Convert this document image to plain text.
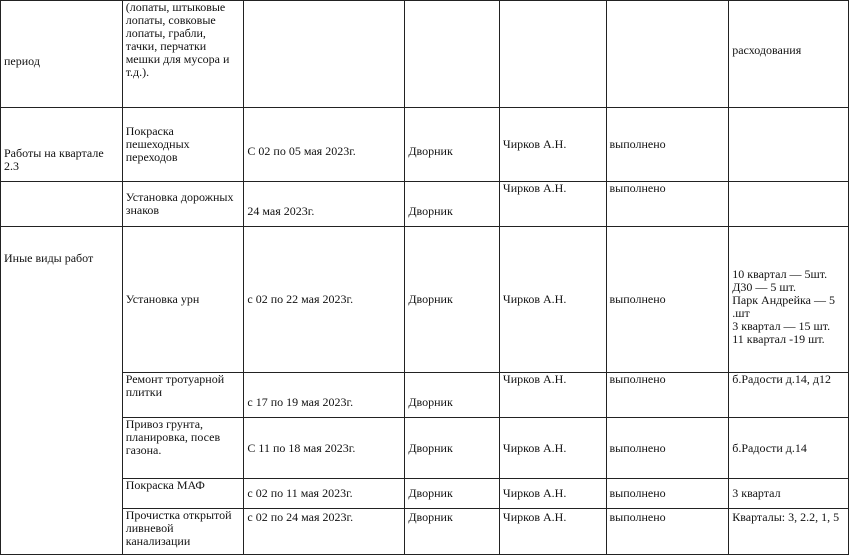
период	(лопаты, штыковые лопаты, совковые лопаты, грабли, тачки, перчатки мешки для мусора и т.д.).					расходования
Работы на квартале 2.3	Покраска пешеходных переходов	С 02 по 05 мая 2023г.	Дворник	Чирков А.Н.	выполнено	
	Установка дорожных знаков	24 мая 2023г.	Дворник	Чирков А.Н.	выполнено	
Иные виды работ	Установка урн	с 02 по 22 мая 2023г.	Дворник	Чирков А.Н.	выполнено	10 квартал — 5шт.
Д30 — 5 шт.
Парк Андрейка — 5 .шт
3 квартал — 15 шт.
11 квартал -19 шт.

	Ремонт тротуарной плитки	с 17 по 19 мая 2023г.	Дворник	Чирков А.Н.	выполнено	б.Радости д.14, д12
	Привоз грунта, планировка, посев газона.	С 11 по 18 мая 2023г.	Дворник	Чирков А.Н.	выполнено	б.Радости д.14
	Покраска МАФ	с 02 по 11 мая 2023г.	Дворник	Чирков А.Н.	выполнено	3 квартал
	Прочистка открытой ливневой канализации	с 02 по 24 мая 2023г.	Дворник	Чирков А.Н.	выполнено	Кварталы: 3, 2.2, 1, 5
